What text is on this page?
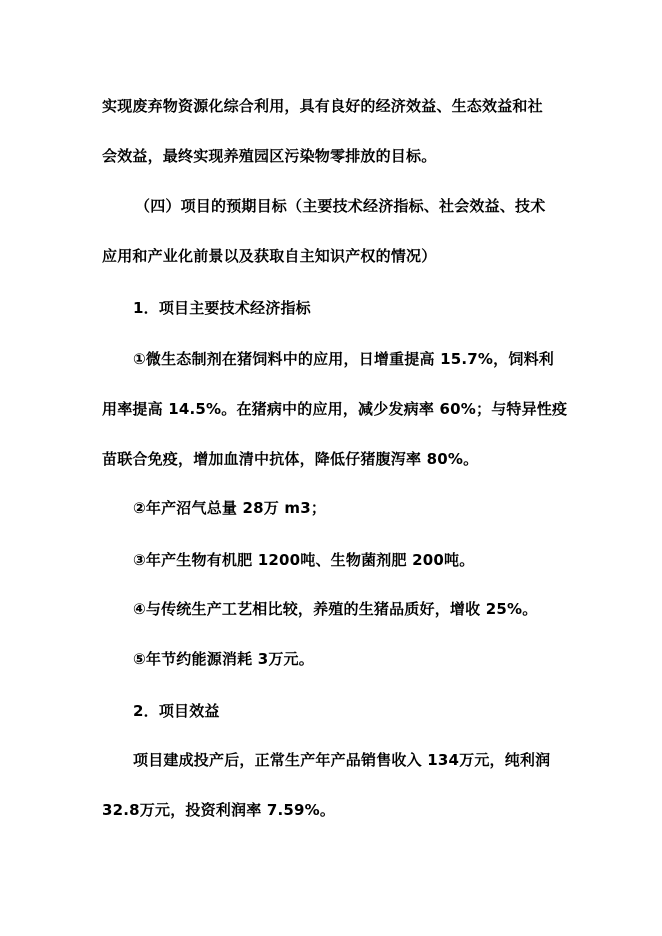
实现废弃物资源化综合利用，具有良好的经济效益、生态效益和社
会效益，最终实现养殖园区污染物零排放的目标。
（四）项目的预期目标（主要技术经济指标、社会效益、技术
应用和产业化前景以及获取自主知识产权的情况）
1．项目主要技术经济指标
①微生态制剂在猪饲料中的应用，日增重提高 15.7%，饲料利
用率提高 14.5%。在猪病中的应用，减少发病率 60%；与特异性疫
苗联合免疫，增加血清中抗体，降低仔猪腹泻率 80%。
②年产沼气总量 28万 m3；
③年产生物有机肥 1200吨、生物菌剂肥 200吨。
④与传统生产工艺相比较，养殖的生猪品质好，增收 25%。
⑤年节约能源消耗 3万元。
2．项目效益
项目建成投产后，正常生产年产品销售收入 134万元，纯利润
32.8万元，投资利润率 7.59%。
